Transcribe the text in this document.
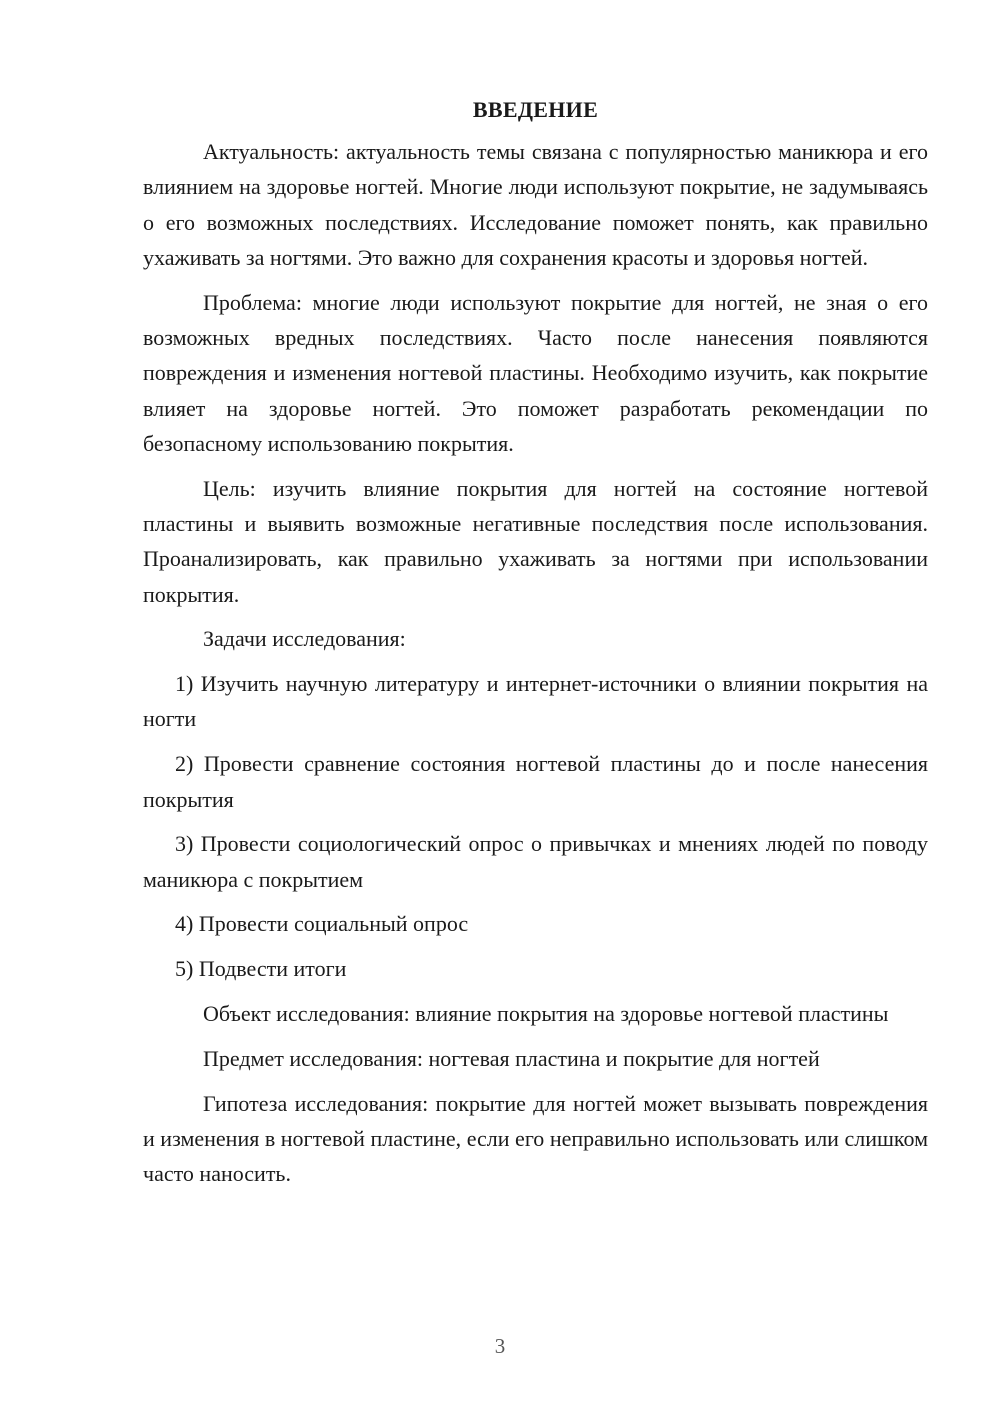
ВВЕДЕНИЕ

Актуальность: актуальность темы связана с популярностью маникюра и его влиянием на здоровье ногтей. Многие люди используют покрытие, не задумываясь о его возможных последствиях. Исследование поможет понять, как правильно ухаживать за ногтями. Это важно для сохранения красоты и здоровья ногтей.

Проблема: многие люди используют покрытие для ногтей, не зная о его возможных вредных последствиях. Часто после нанесения появляются повреждения и изменения ногтевой пластины. Необходимо изучить, как покрытие влияет на здоровье ногтей. Это поможет разработать рекомендации по безопасному использованию покрытия.

Цель: изучить влияние покрытия для ногтей на состояние ногтевой пластины и выявить возможные негативные последствия после использования. Проанализировать, как правильно ухаживать за ногтями при использовании покрытия.

Задачи исследования:

1) Изучить научную литературу и интернет-источники о влиянии покрытия на ногти

2) Провести сравнение состояния ногтевой пластины до и после нанесения покрытия

3) Провести социологический опрос о привычках и мнениях людей по поводу маникюра с покрытием

4) Провести социальный опрос

5) Подвести итоги

Объект исследования: влияние покрытия на здоровье ногтевой пластины

Предмет исследования: ногтевая пластина и покрытие для ногтей

Гипотеза исследования: покрытие для ногтей может вызывать повреждения и изменения в ногтевой пластине, если его неправильно использовать или слишком часто наносить.

3
